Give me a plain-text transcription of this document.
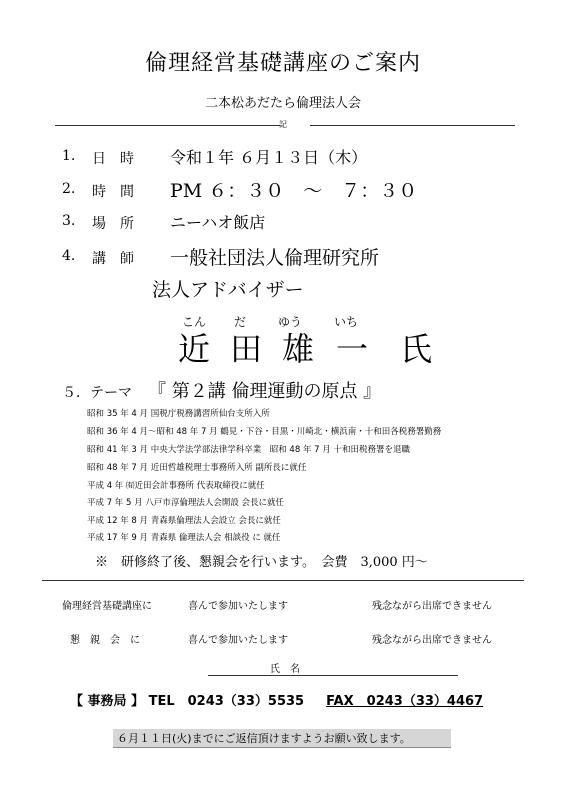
倫理経営基礎講座のご案内
二本松あだたら倫理法人会
記
1. 日　時 令和１年 ６月１３日（木）
2. 時　間 PM ６：３０　～　７：３０
3. 場　所 ニーハオ飯店
4. 講　師 一般社団法人倫理研究所
法人アドバイザー
こん だ	ゆう	いち
近 田 雄 一 氏
５．テーマ 『 第２講 倫理運動の原点 』
昭和 35 年 4 月 国税庁税務講習所仙台支所入所
昭和 36 年 4 月～昭和 48 年 7 月 鶴見・下谷・目黒・川崎北・横浜南・十和田各税務署勤務
昭和 41 年 3 月 中央大学法学部法律学科卒業　昭和 48 年 7 月 十和田税務署を退職
昭和 48 年 7 月 近田哲雄税理士事務所入所 副所長に就任
平成 4 年 ㈲近田会計事務所 代表取締役に就任
平成 7 年 5 月 八戸市淳倫理法人会開設 会長に就任
平成 12 年 8 月 青森県倫理法人会設立 会長に就任
平成 17 年 9 月 青森県 倫理法人会 相談役 に 就任
※　研修終了後、懇親会を行います。　会費　3,000 円～
倫理経営基礎講座に	喜んで参加いたします	残念ながら出席できません
懇　親　会　に	喜んで参加いたします	残念ながら出席できません
氏　名
【 事務局 】 TEL　0243（33）5535 　 FAX　0243（33）4467
６月１１日(火)までにご返信頂けますようお願い致します。
